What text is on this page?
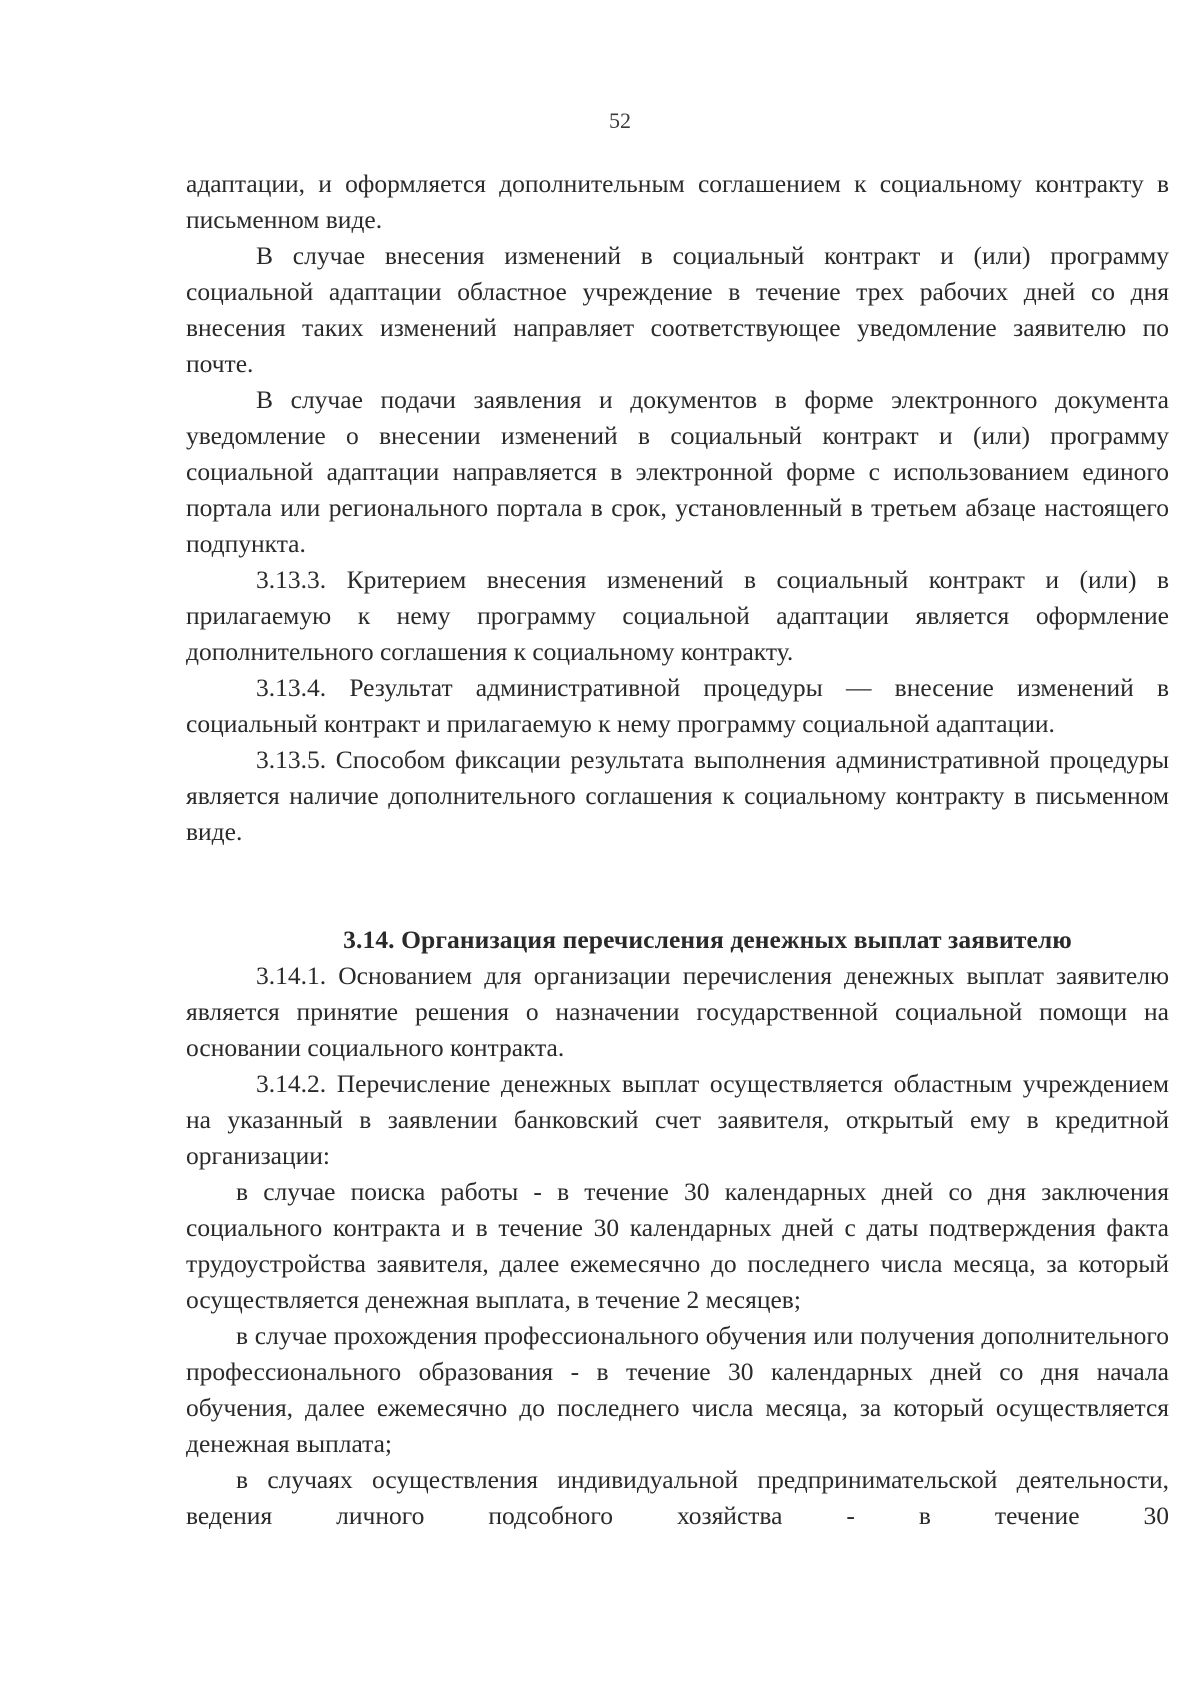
52

адаптации, и оформляется дополнительным соглашением к социальному контракту в письменном виде.

В случае внесения изменений в социальный контракт и (или) программу социальной адаптации областное учреждение в течение трех рабочих дней со дня внесения таких изменений направляет соответствующее уведомление заявителю по почте.

В случае подачи заявления и документов в форме электронного документа уведомление о внесении изменений в социальный контракт и (или) программу социальной адаптации направляется в электронной форме с использованием единого портала или регионального портала в срок, установленный в третьем абзаце настоящего подпункта.

3.13.3. Критерием внесения изменений в социальный контракт и (или) в прилагаемую к нему программу социальной адаптации является оформление дополнительного соглашения к социальному контракту.

3.13.4. Результат административной процедуры — внесение изменений в социальный контракт и прилагаемую к нему программу социальной адаптации.

3.13.5. Способом фиксации результата выполнения административной процедуры является наличие дополнительного соглашения к социальному контракту в письменном виде.

3.14. Организация перечисления денежных выплат заявителю

3.14.1. Основанием для организации перечисления денежных выплат заявителю является принятие решения о назначении государственной социальной помощи на основании социального контракта.

3.14.2. Перечисление денежных выплат осуществляется областным учреждением на указанный в заявлении банковский счет заявителя, открытый ему в кредитной организации:

в случае поиска работы - в течение 30 календарных дней со дня заключения социального контракта и в течение 30 календарных дней с даты подтверждения факта трудоустройства заявителя, далее ежемесячно до последнего числа месяца, за который осуществляется денежная выплата, в течение 2 месяцев;

в случае прохождения профессионального обучения или получения дополнительного профессионального образования - в течение 30 календарных дней со дня начала обучения, далее ежемесячно до последнего числа месяца, за который осуществляется денежная выплата;

в случаях осуществления индивидуальной предпринимательской деятельности, ведения личного подсобного хозяйства - в течение 30
